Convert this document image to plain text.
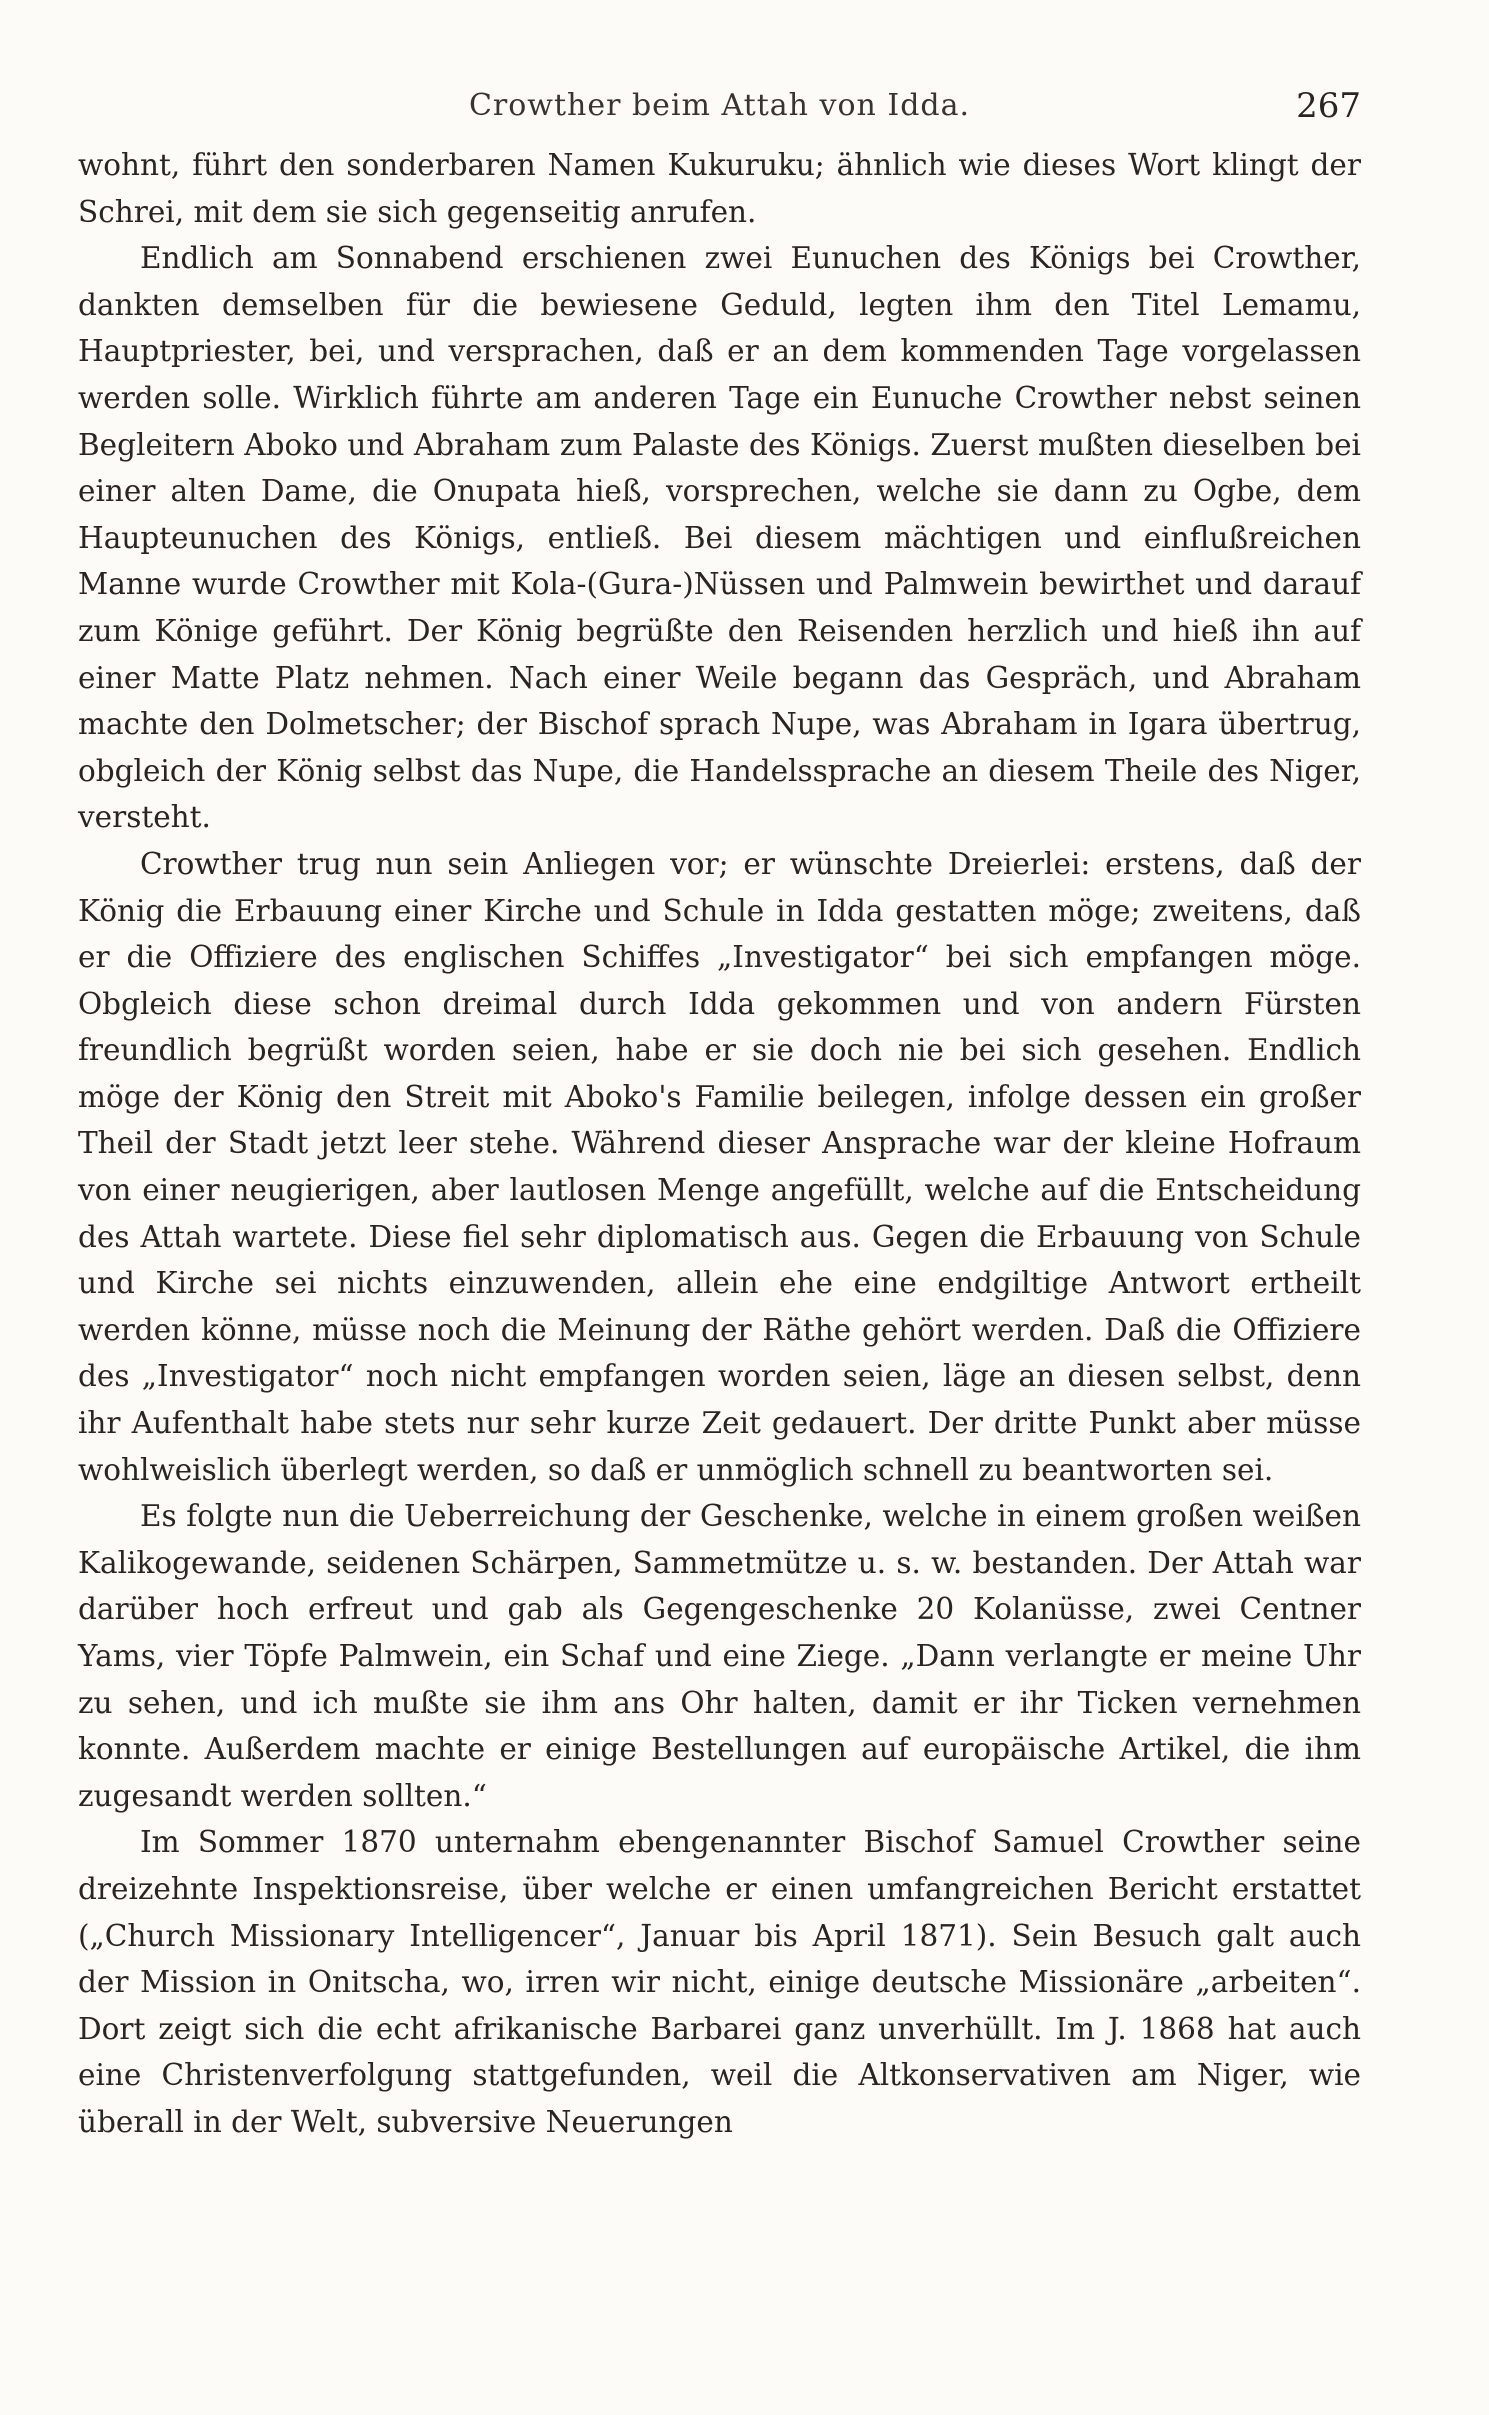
Crowther beim Attah von Idda.	267

wohnt, führt den sonderbaren Namen Kukuruku; ähnlich wie dieses Wort klingt der Schrei, mit dem sie sich gegenseitig anrufen.

Endlich am Sonnabend erschienen zwei Eunuchen des Königs bei Crowther, dankten demselben für die bewiesene Geduld, legten ihm den Titel Lemamu, Hauptpriester, bei, und versprachen, daß er an dem kommenden Tage vorgelassen werden solle. Wirklich führte am anderen Tage ein Eunuche Crowther nebst seinen Begleitern Aboko und Abraham zum Palaste des Königs. Zuerst mußten dieselben bei einer alten Dame, die Onupata hieß, vorsprechen, welche sie dann zu Ogbe, dem Haupteunuchen des Königs, entließ. Bei diesem mächtigen und einflußreichen Manne wurde Crowther mit Kola-(Gura-)Nüssen und Palmwein bewirthet und darauf zum Könige geführt. Der König begrüßte den Reisenden herzlich und hieß ihn auf einer Matte Platz nehmen. Nach einer Weile begann das Gespräch, und Abraham machte den Dolmetscher; der Bischof sprach Nupe, was Abraham in Igara übertrug, obgleich der König selbst das Nupe, die Handelssprache an diesem Theile des Niger, versteht.

Crowther trug nun sein Anliegen vor; er wünschte Dreierlei: erstens, daß der König die Erbauung einer Kirche und Schule in Idda gestatten möge; zweitens, daß er die Offiziere des englischen Schiffes „Investigator“ bei sich empfangen möge. Obgleich diese schon dreimal durch Idda gekommen und von andern Fürsten freundlich begrüßt worden seien, habe er sie doch nie bei sich gesehen. Endlich möge der König den Streit mit Aboko's Familie beilegen, infolge dessen ein großer Theil der Stadt jetzt leer stehe. Während dieser Ansprache war der kleine Hofraum von einer neugierigen, aber lautlosen Menge angefüllt, welche auf die Entscheidung des Attah wartete. Diese fiel sehr diplomatisch aus. Gegen die Erbauung von Schule und Kirche sei nichts einzuwenden, allein ehe eine endgiltige Antwort ertheilt werden könne, müsse noch die Meinung der Räthe gehört werden. Daß die Offiziere des „Investigator“ noch nicht empfangen worden seien, läge an diesen selbst, denn ihr Aufenthalt habe stets nur sehr kurze Zeit gedauert. Der dritte Punkt aber müsse wohlweislich überlegt werden, so daß er unmöglich schnell zu beantworten sei.

Es folgte nun die Ueberreichung der Geschenke, welche in einem großen weißen Kalikogewande, seidenen Schärpen, Sammetmütze u. s. w. bestanden. Der Attah war darüber hoch erfreut und gab als Gegengeschenke 20 Kolanüsse, zwei Centner Yams, vier Töpfe Palmwein, ein Schaf und eine Ziege. „Dann verlangte er meine Uhr zu sehen, und ich mußte sie ihm ans Ohr halten, damit er ihr Ticken vernehmen konnte. Außerdem machte er einige Bestellungen auf europäische Artikel, die ihm zugesandt werden sollten.“

Im Sommer 1870 unternahm ebengenannter Bischof Samuel Crowther seine dreizehnte Inspektionsreise, über welche er einen umfangreichen Bericht erstattet („Church Missionary Intelligencer“, Januar bis April 1871). Sein Besuch galt auch der Mission in Onitscha, wo, irren wir nicht, einige deutsche Missionäre „arbeiten“. Dort zeigt sich die echt afrikanische Barbarei ganz unverhüllt. Im J. 1868 hat auch eine Christenverfolgung stattgefunden, weil die Altkonservativen am Niger, wie überall in der Welt, subversive Neuerungen
